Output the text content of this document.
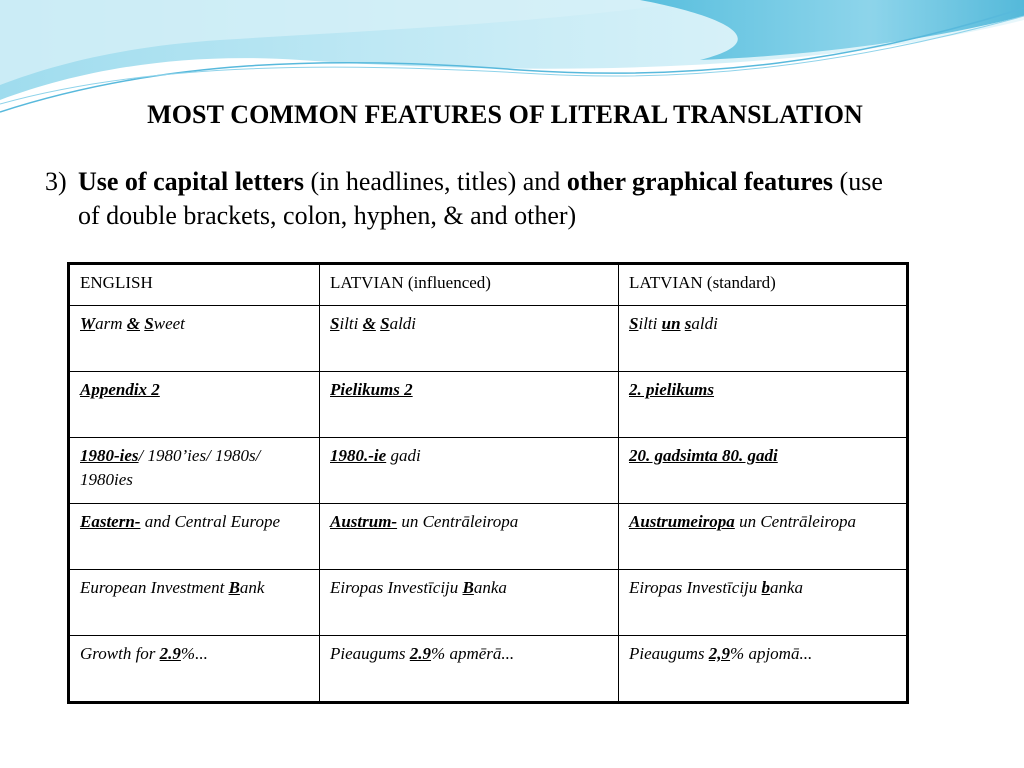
MOST COMMON FEATURES OF LITERAL TRANSLATION
3) Use of capital letters (in headlines, titles) and other graphical features (use of double brackets, colon, hyphen, & and other)
ENGLISH	LATVIAN (influenced)	LATVIAN (standard)
Warm & Sweet	Silti & Saldi	Silti un saldi
Appendix 2	Pielikums 2	2. pielikums
1980-ies/ 1980’ies/ 1980s/ 1980ies	1980.-ie gadi	20. gadsimta 80. gadi
Eastern- and Central Europe	Austrum- un Centrāleiropa	Austrumeiropa un Centrāleiropa
European Investment Bank	Eiropas Investīciju Banka	Eiropas Investīciju banka
Growth for 2.9%...	Pieaugums 2.9% apmērā...	Pieaugums 2,9% apjomā...
